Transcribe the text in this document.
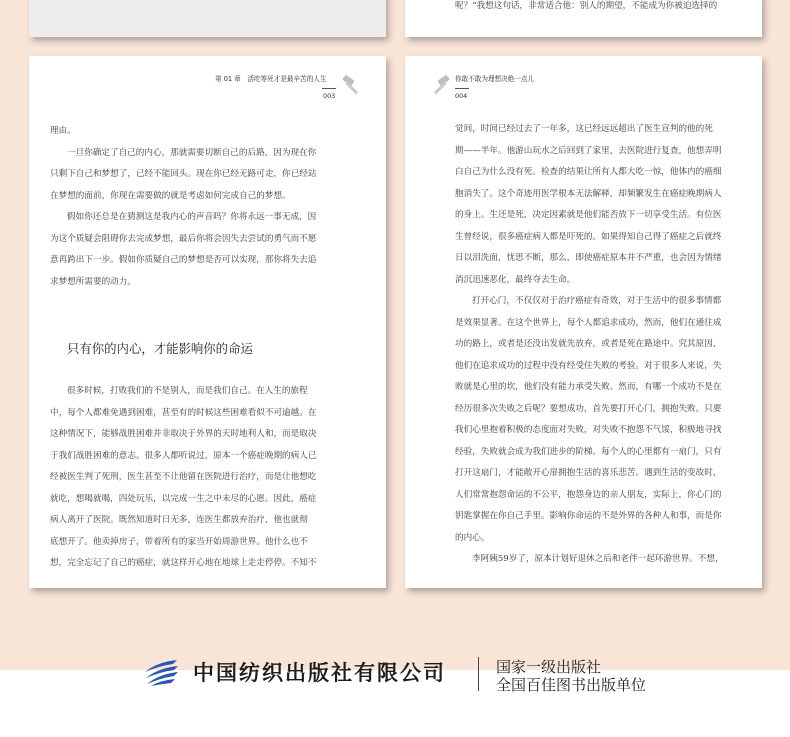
呢？”我想这句话，非常适合他：别人的期望，不能成为你被迫选择的
第 01 章　活吃等死才是最辛苦的人生
003

理由。

一旦你确定了自己的内心，那就需要切断自己的后路，因为现在你

只剩下自己和梦想了，已经不能回头。现在你已经无路可走，你已经站

在梦想的面前，你现在需要做的就是考虑如何完成自己的梦想。

假如你还总是在猜测这是我内心的声音吗？你将永远一事无成，因

为这个质疑会阻碍你去完成梦想，最后你将会因失去尝试的勇气而不愿

意再跨出下一步。假如你质疑自己的梦想是否可以实现，那你将失去追

求梦想所需要的动力。

只有你的内心，才能影响你的命运

很多时候，打败我们的不是别人，而是我们自己。在人生的旅程

中，每个人都难免遇到困难，甚至有的时候这些困难看似不可逾越。在

这种情况下，能够战胜困难并非取决于外界的天时地利人和，而是取决

于我们战胜困难的意志。很多人都听说过，原本一个癌症晚期的病人已

经被医生判了死刑，医生甚至不让他留在医院进行治疗，而是让他想吃

就吃，想喝就喝，四处玩乐，以完成一生之中未尽的心愿。因此，癌症

病人离开了医院。既然知道时日无多，连医生都放弃治疗，他也就彻

底想开了。他卖掉房子，带着所有的家当开始周游世界。他什么也不

想，完全忘记了自己的癌症，就这样开心地在地球上走走停停。不知不

你敢不敢为理想决绝一点儿
004

觉间，时间已经过去了一年多，这已经远远超出了医生宣判的他的死

期——半年。他游山玩水之后回到了家里，去医院进行复查，他想弄明

白自己为什么没有死。检查的结果让所有人都大吃一惊，他体内的癌细

胞消失了。这个奇迹用医学根本无法解释，却频繁发生在癌症晚期病人

的身上。生还是死，决定因素就是他们能否放下一切享受生活。有位医

生曾经说，很多癌症病人都是吓死的。如果得知自己得了癌症之后就终

日以泪洗面，忧思不断，那么，即使癌症原本并不严重，也会因为情绪

消沉迅速恶化，最终夺去生命。

打开心门，不仅仅对于治疗癌症有奇效，对于生活中的很多事情都

是效果显著。在这个世界上，每个人都追求成功，然而，他们在通往成

功的路上，或者是还没出发就先放弃，或者是死在路途中。究其原因，

他们在追求成功的过程中没有经受住失败的考验。对于很多人来说，失

败就是心里的坎，他们没有能力承受失败。然而，有哪一个成功不是在

经历很多次失败之后呢？要想成功，首先要打开心门，拥抱失败。只要

我们心里抱着积极的态度面对失败，对失败不抱怨不气馁，积极地寻找

经验，失败就会成为我们进步的阶梯。每个人的心里都有一扇门，只有

打开这扇门，才能敞开心扉拥抱生活的喜乐悲苦。遇到生活的变故时，

人们常常抱怨命运的不公平，抱怨身边的亲人朋友，实际上，你心门的

钥匙掌握在你自己手里。影响你命运的不是外界的各种人和事，而是你

的内心。

李阿姨59岁了，原本计划好退休之后和老伴一起环游世界。不想，

中国纺织出版社有限公司	国家一级出版社
全国百佳图书出版单位
